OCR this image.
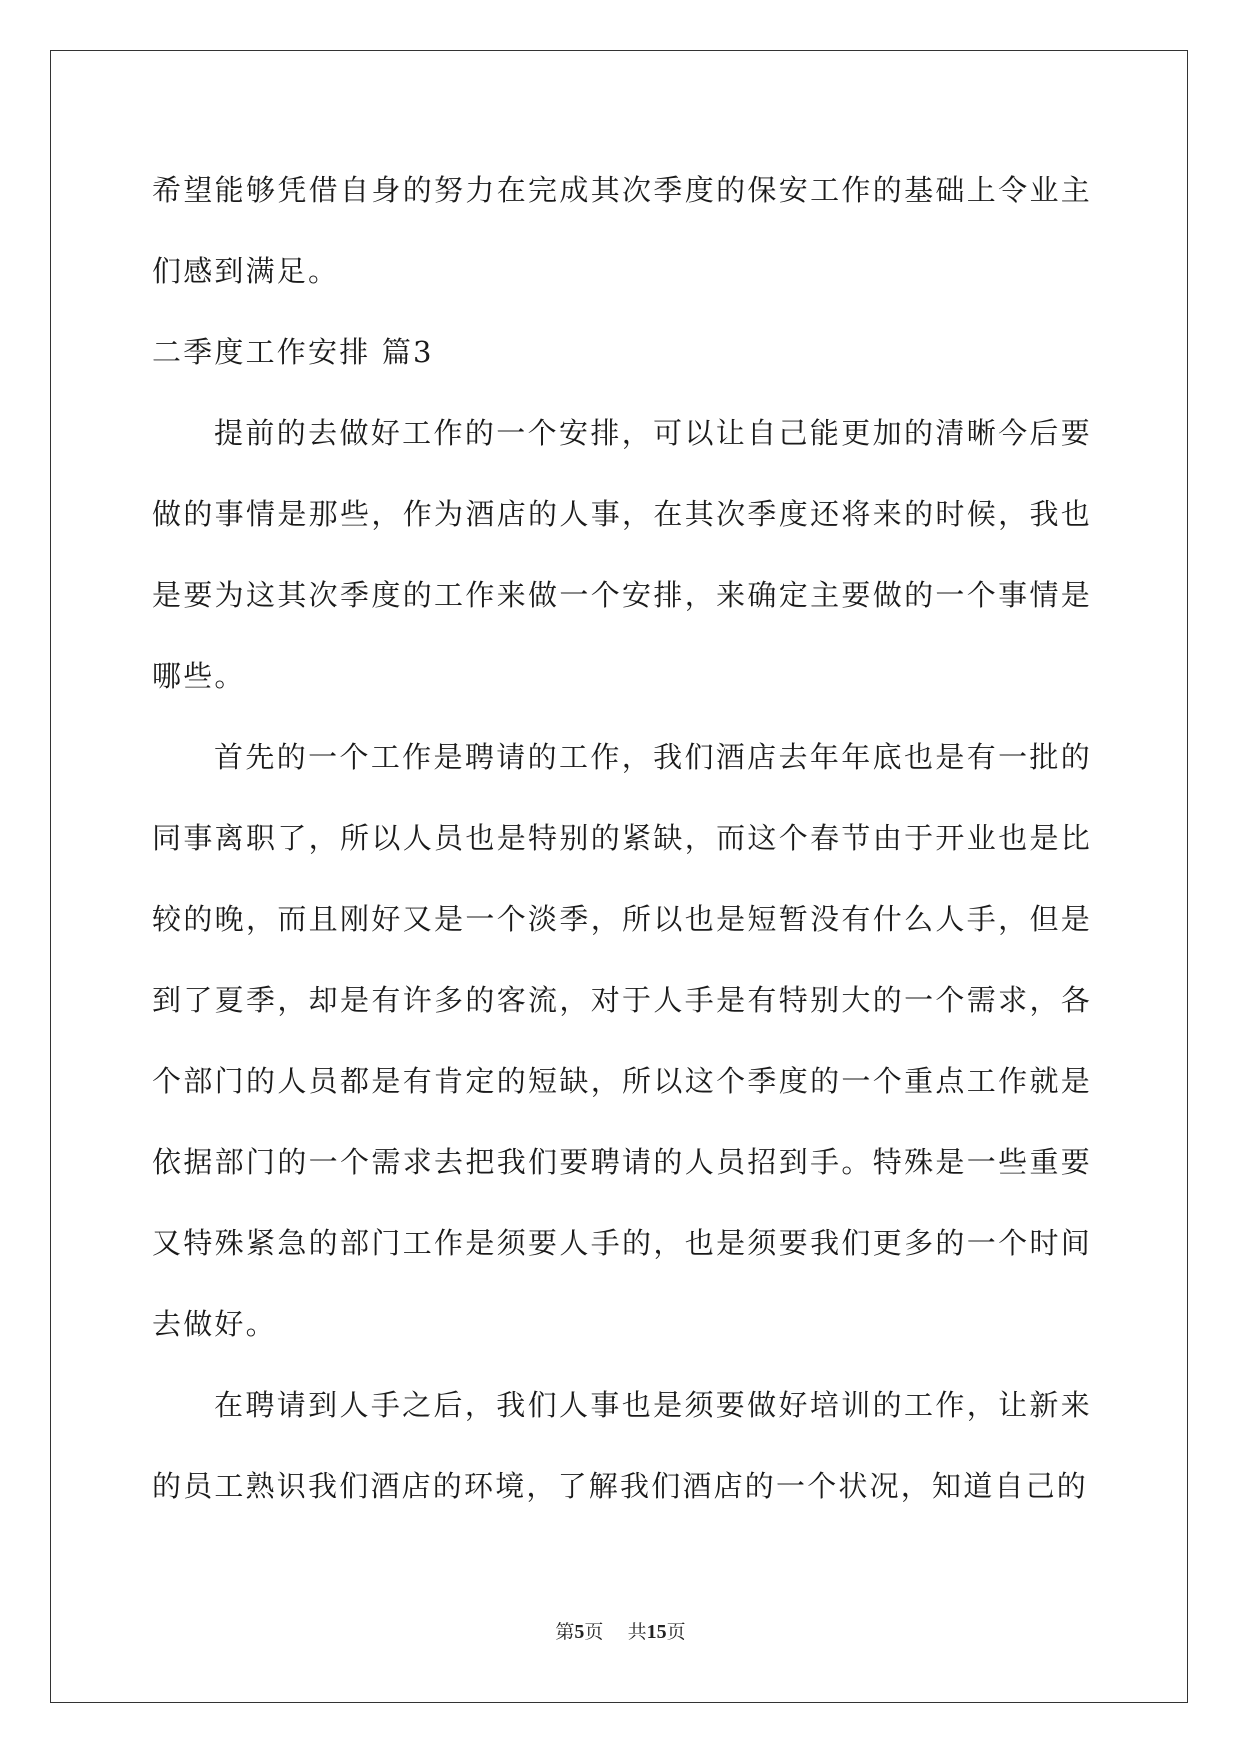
希望能够凭借自身的努力在完成其次季度的保安工作的基础上令业主们感到满足。

二季度工作安排 篇3

提前的去做好工作的一个安排，可以让自己能更加的清晰今后要做的事情是那些，作为酒店的人事，在其次季度还将来的时候，我也是要为这其次季度的工作来做一个安排，来确定主要做的一个事情是哪些。

首先的一个工作是聘请的工作，我们酒店去年年底也是有一批的同事离职了，所以人员也是特别的紧缺，而这个春节由于开业也是比较的晚，而且刚好又是一个淡季，所以也是短暂没有什么人手，但是到了夏季，却是有许多的客流，对于人手是有特别大的一个需求，各个部门的人员都是有肯定的短缺，所以这个季度的一个重点工作就是依据部门的一个需求去把我们要聘请的人员招到手。特殊是一些重要又特殊紧急的部门工作是须要人手的，也是须要我们更多的一个时间去做好。

在聘请到人手之后，我们人事也是须要做好培训的工作，让新来的员工熟识我们酒店的环境，了解我们酒店的一个状况，知道自己的

第5页 共15页
